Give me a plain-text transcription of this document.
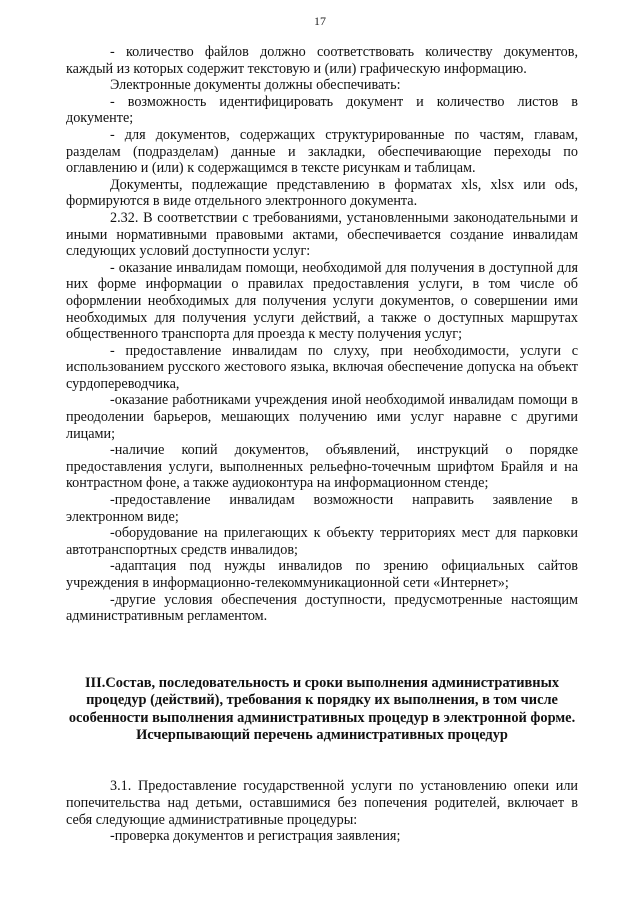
17

- количество файлов должно соответствовать количеству документов, каждый из которых содержит текстовую и (или) графическую информацию.

Электронные документы должны обеспечивать:

- возможность идентифицировать документ и количество листов в документе;

- для документов, содержащих структурированные по частям, главам, разделам (подразделам) данные и закладки, обеспечивающие переходы по оглавлению и (или) к содержащимся в тексте рисункам и таблицам.

Документы, подлежащие представлению в форматах xls, xlsx или ods, формируются в виде отдельного электронного документа.

2.32. В соответствии с требованиями, установленными законодательными и иными нормативными правовыми актами, обеспечивается создание инвалидам следующих условий доступности услуг:

- оказание инвалидам помощи, необходимой для получения в доступной для них форме информации о правилах предоставления услуги, в том числе об оформлении необходимых для получения услуги документов, о совершении ими необходимых для получения услуги действий, а также о доступных маршрутах общественного транспорта для проезда к месту получения услуг;

- предоставление инвалидам по слуху, при необходимости, услуги с использованием русского жестового языка, включая обеспечение допуска на объект сурдопереводчика,

-оказание работниками учреждения иной необходимой инвалидам помощи в преодолении барьеров, мешающих получению ими услуг наравне с другими лицами;

-наличие копий документов, объявлений, инструкций о порядке предоставления услуги, выполненных рельефно-точечным шрифтом Брайля и на контрастном фоне, а также аудиоконтура на информационном стенде;

-предоставление инвалидам возможности направить заявление в электронном виде;

-оборудование на прилегающих к объекту территориях мест для парковки автотранспортных средств инвалидов;

-адаптация под нужды инвалидов по зрению официальных сайтов учреждения в информационно-телекоммуникационной сети «Интернет»;

-другие условия обеспечения доступности, предусмотренные настоящим административным регламентом.

III.Состав, последовательность и сроки выполнения административных процедур (действий), требования к порядку их выполнения, в том числе особенности выполнения административных процедур в электронной форме. Исчерпывающий перечень административных процедур

3.1. Предоставление государственной услуги по установлению опеки или попечительства над детьми, оставшимися без попечения родителей, включает в себя следующие административные процедуры:

-проверка документов и регистрация заявления;
